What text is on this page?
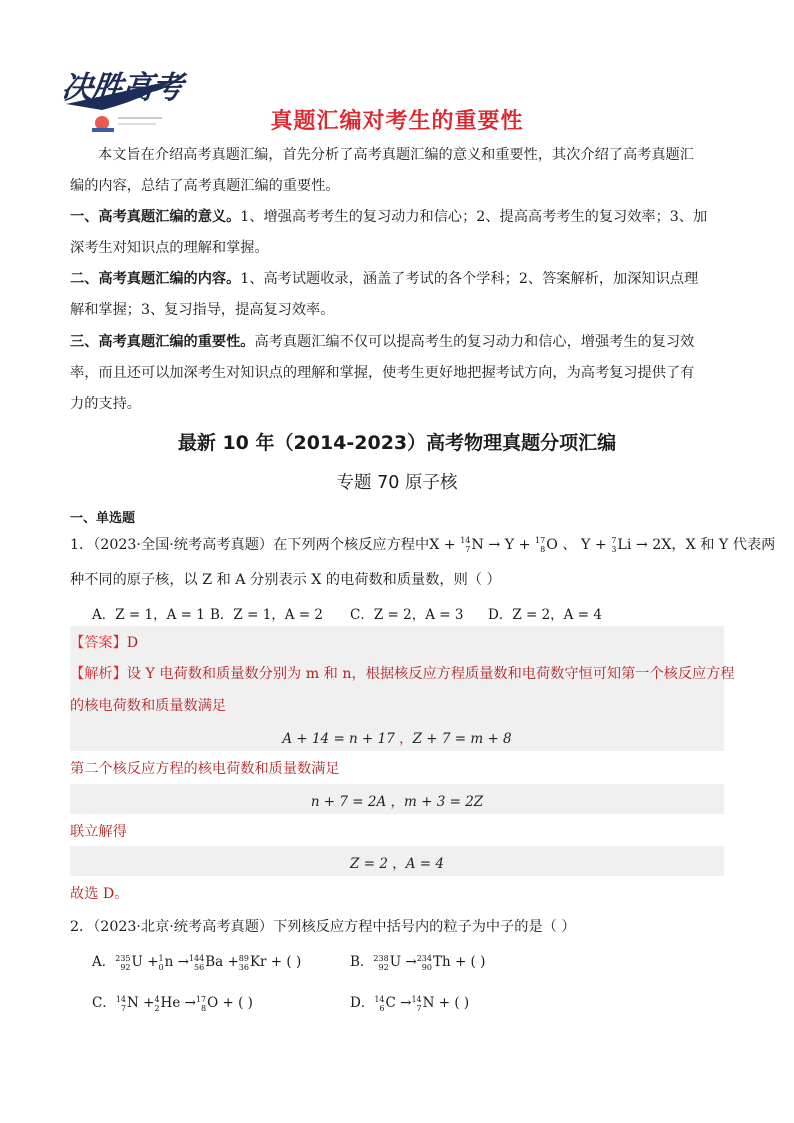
决胜高考
真题汇编对考生的重要性

本文旨在介绍高考真题汇编，首先分析了高考真题汇编的意义和重要性，其次介绍了高考真题汇

编的内容，总结了高考真题汇编的重要性。

一、高考真题汇编的意义。1、增强高考考生的复习动力和信心；2、提高高考考生的复习效率；3、加

深考生对知识点的理解和掌握。

二、高考真题汇编的内容。1、高考试题收录，涵盖了考试的各个学科；2、答案解析，加深知识点理

解和掌握；3、复习指导，提高复习效率。

三、高考真题汇编的重要性。高考真题汇编不仅可以提高考生的复习动力和信心，增强考生的复习效

率，而且还可以加深考生对知识点的理解和掌握，使考生更好地把握考试方向，为高考复习提供了有

力的支持。

最新 10 年（2014-2023）高考物理真题分项汇编
专题 70 原子核
一、单选题
1．（2023·全国·统考高考真题）在下列两个核反应方程中X + 14
7 N → Y + 17
8 O 、 Y + 7
3 Li → 2X，X 和 Y 代表两
种不同的原子核，以 Z 和 A 分别表示 X 的电荷数和质量数，则（ ）
A．Z = 1，A = 1 B．Z = 1，A = 2 C．Z = 2，A = 3 D．Z = 2，A = 4
【答案】D
【解析】设 Y 电荷数和质量数分别为 m 和 n，根据核反应方程质量数和电荷数守恒可知第一个核反应方程
的核电荷数和质量数满足
A + 14 = n + 17 ，Z + 7 = m + 8
第二个核反应方程的核电荷数和质量数满足
n + 7 = 2A ，m + 3 = 2Z
联立解得
Z = 2 ，A = 4
故选 D。
2．（2023·北京·统考高考真题）下列核反应方程中括号内的粒子为中子的是（ ）
A． 235
92 U + 1
0 n → 144
56 Ba + 89
36 Kr + ( )	B． 238
92 U → 234
90 Th + ( )
C． 14
7 N + 4
2 He → 17
8 O + ( )	D． 14
6 C → 14
7 N + ( )
